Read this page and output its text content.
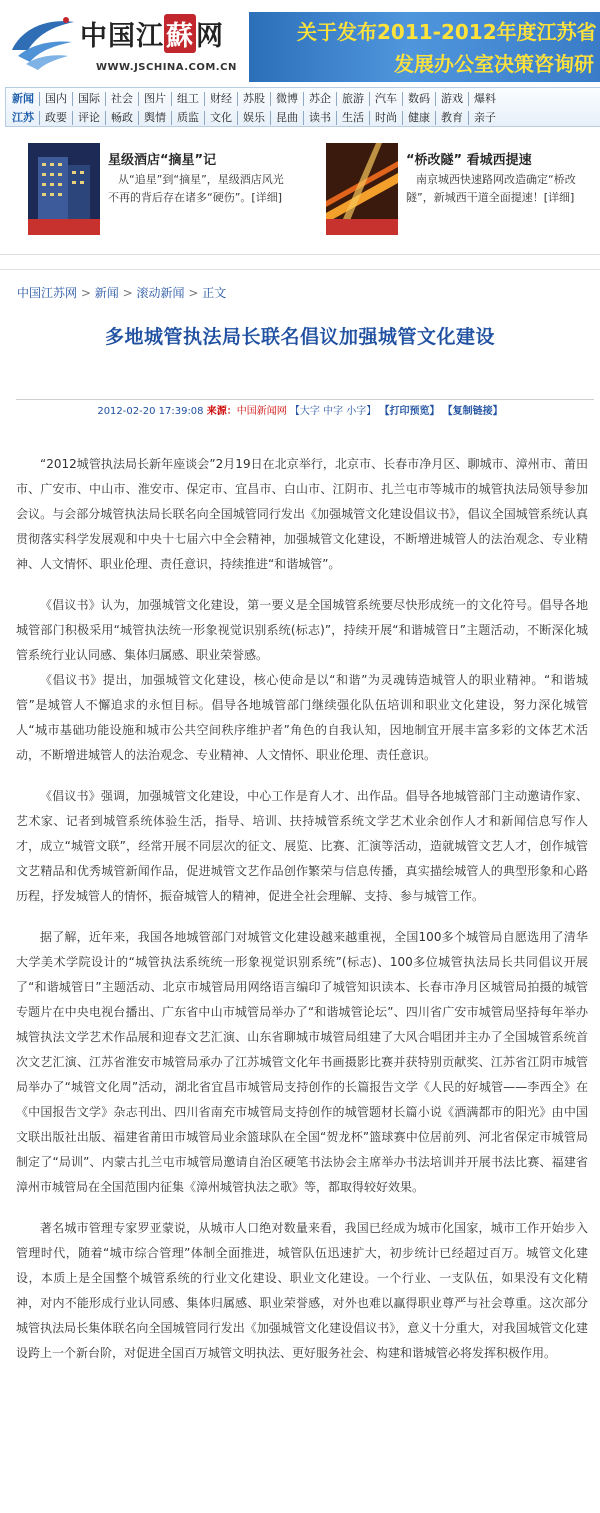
中国江蘇网
WWW.JSCHINA.COM.CN
关于发布2011-2012年度江苏省
发展办公室决策咨询研
新闻	国内	国际	社会	图片	组工	财经	苏股	微博	苏企	旅游	汽车	数码	游戏	爆料
江苏	政要	评论	畅政	舆情	质监	文化	娱乐	昆曲	读书	生活	时尚	健康	教育	亲子
星级酒店“摘星”记
从“追星”到“摘星”，星级酒店风光不再的背后存在诸多“硬伤”。[详细]
“桥改隧” 看城西提速
南京城西快速路网改造确定“桥改隧”，新城西干道全面提速！[详细]
中国江苏网 > 新闻 > 滚动新闻 > 正文
多地城管执法局长联名倡议加强城管文化建设
2012-02-20 17:39:08 来源：中国新闻网 【大字 中字 小字】 【打印预览】 【复制链接】

“2012城管执法局长新年座谈会”2月19日在北京举行，北京市、长春市净月区、聊城市、漳州市、莆田市、广安市、中山市、淮安市、保定市、宜昌市、白山市、江阴市、扎兰屯市等城市的城管执法局领导参加会议。与会部分城管执法局长联名向全国城管同行发出《加强城管文化建设倡议书》，倡议全国城管系统认真贯彻落实科学发展观和中央十七届六中全会精神，加强城管文化建设，不断增进城管人的法治观念、专业精神、人文情怀、职业伦理、责任意识，持续推进“和谐城管”。

《倡议书》认为，加强城管文化建设，第一要义是全国城管系统要尽快形成统一的文化符号。倡导各地城管部门积极采用“城管执法统一形象视觉识别系统(标志)”，持续开展“和谐城管日”主题活动，不断深化城管系统行业认同感、集体归属感、职业荣誉感。

《倡议书》提出，加强城管文化建设，核心使命是以“和谐”为灵魂铸造城管人的职业精神。“和谐城管”是城管人不懈追求的永恒目标。倡导各地城管部门继续强化队伍培训和职业文化建设，努力深化城管人“城市基础功能设施和城市公共空间秩序维护者”角色的自我认知，因地制宜开展丰富多彩的文体艺术活动，不断增进城管人的法治观念、专业精神、人文情怀、职业伦理、责任意识。

《倡议书》强调，加强城管文化建设，中心工作是育人才、出作品。倡导各地城管部门主动邀请作家、艺术家、记者到城管系统体验生活，指导、培训、扶持城管系统文学艺术业余创作人才和新闻信息写作人才，成立“城管文联”，经常开展不同层次的征文、展览、比赛、汇演等活动，造就城管文艺人才，创作城管文艺精品和优秀城管新闻作品，促进城管文艺作品创作繁荣与信息传播，真实描绘城管人的典型形象和心路历程，抒发城管人的情怀，振奋城管人的精神，促进全社会理解、支持、参与城管工作。

据了解，近年来，我国各地城管部门对城管文化建设越来越重视，全国100多个城管局自愿选用了清华大学美术学院设计的“城管执法系统统一形象视觉识别系统”(标志)、100多位城管执法局长共同倡议开展了“和谐城管日”主题活动、北京市城管局用网络语言编印了城管知识读本、长春市净月区城管局拍摄的城管专题片在中央电视台播出、广东省中山市城管局举办了“和谐城管论坛”、四川省广安市城管局坚持每年举办城管执法文学艺术作品展和迎春文艺汇演、山东省聊城市城管局组建了大风合唱团并主办了全国城管系统首次文艺汇演、江苏省淮安市城管局承办了江苏城管文化年书画摄影比赛并获特别贡献奖、江苏省江阴市城管局举办了“城管文化周”活动，湖北省宜昌市城管局支持创作的长篇报告文学《人民的好城管——李西全》在《中国报告文学》杂志刊出、四川省南充市城管局支持创作的城管题材长篇小说《酒满都市的阳光》由中国文联出版社出版、福建省莆田市城管局业余篮球队在全国“贺龙杯”篮球赛中位居前列、河北省保定市城管局制定了“局训”、内蒙古扎兰屯市城管局邀请自治区硬笔书法协会主席举办书法培训并开展书法比赛、福建省漳州市城管局在全国范围内征集《漳州城管执法之歌》等，都取得较好效果。

著名城市管理专家罗亚蒙说，从城市人口绝对数量来看，我国已经成为城市化国家，城市工作开始步入管理时代，随着“城市综合管理”体制全面推进，城管队伍迅速扩大，初步统计已经超过百万。城管文化建设，本质上是全国整个城管系统的行业文化建设、职业文化建设。一个行业、一支队伍，如果没有文化精神，对内不能形成行业认同感、集体归属感、职业荣誉感，对外也难以赢得职业尊严与社会尊重。这次部分城管执法局长集体联名向全国城管同行发出《加强城管文化建设倡议书》，意义十分重大，对我国城管文化建设跨上一个新台阶，对促进全国百万城管文明执法、更好服务社会、构建和谐城管必将发挥积极作用。
